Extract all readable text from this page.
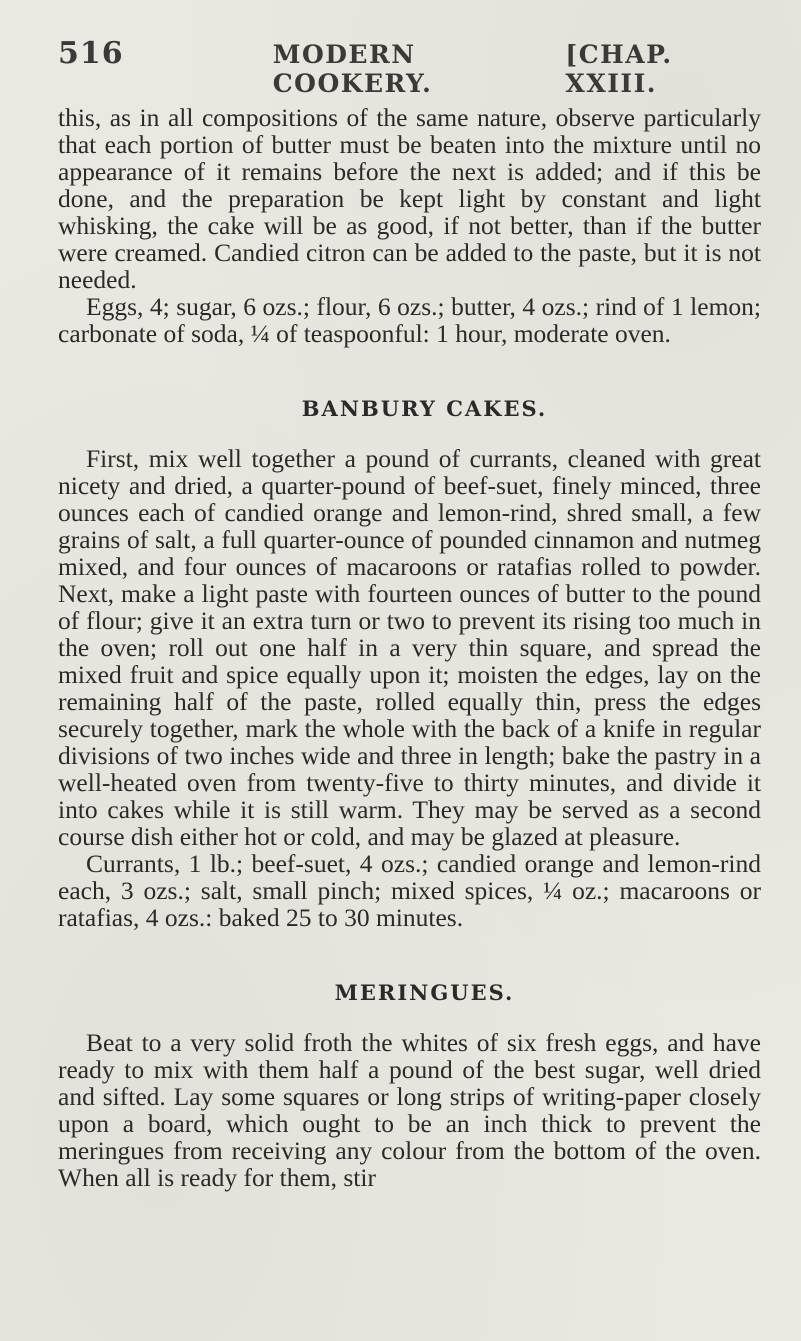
516	MODERN COOKERY.
[CHAP. XXIII.

this, as in all compositions of the same nature, observe particularly that each portion of butter must be beaten into the mixture until no appearance of it remains before the next is added; and if this be done, and the preparation be kept light by constant and light whisking, the cake will be as good, if not better, than if the butter were creamed. Candied citron can be added to the paste, but it is not needed.

Eggs, 4; sugar, 6 ozs.; flour, 6 ozs.; butter, 4 ozs.; rind of 1 lemon; carbonate of soda, ¼ of teaspoonful: 1 hour, moderate oven.

BANBURY CAKES.

First, mix well together a pound of currants, cleaned with great nicety and dried, a quarter-pound of beef-suet, finely minced, three ounces each of candied orange and lemon-rind, shred small, a few grains of salt, a full quarter-ounce of pounded cinnamon and nutmeg mixed, and four ounces of macaroons or ratafias rolled to powder. Next, make a light paste with fourteen ounces of butter to the pound of flour; give it an extra turn or two to prevent its rising too much in the oven; roll out one half in a very thin square, and spread the mixed fruit and spice equally upon it; moisten the edges, lay on the remaining half of the paste, rolled equally thin, press the edges securely together, mark the whole with the back of a knife in regular divisions of two inches wide and three in length; bake the pastry in a well-heated oven from twenty-five to thirty minutes, and divide it into cakes while it is still warm. They may be served as a second course dish either hot or cold, and may be glazed at pleasure.

Currants, 1 lb.; beef-suet, 4 ozs.; candied orange and lemon-rind each, 3 ozs.; salt, small pinch; mixed spices, ¼ oz.; macaroons or ratafias, 4 ozs.: baked 25 to 30 minutes.

MERINGUES.

Beat to a very solid froth the whites of six fresh eggs, and have ready to mix with them half a pound of the best sugar, well dried and sifted. Lay some squares or long strips of writing-paper closely upon a board, which ought to be an inch thick to prevent the meringues from receiving any colour from the bottom of the oven. When all is ready for them, stir
